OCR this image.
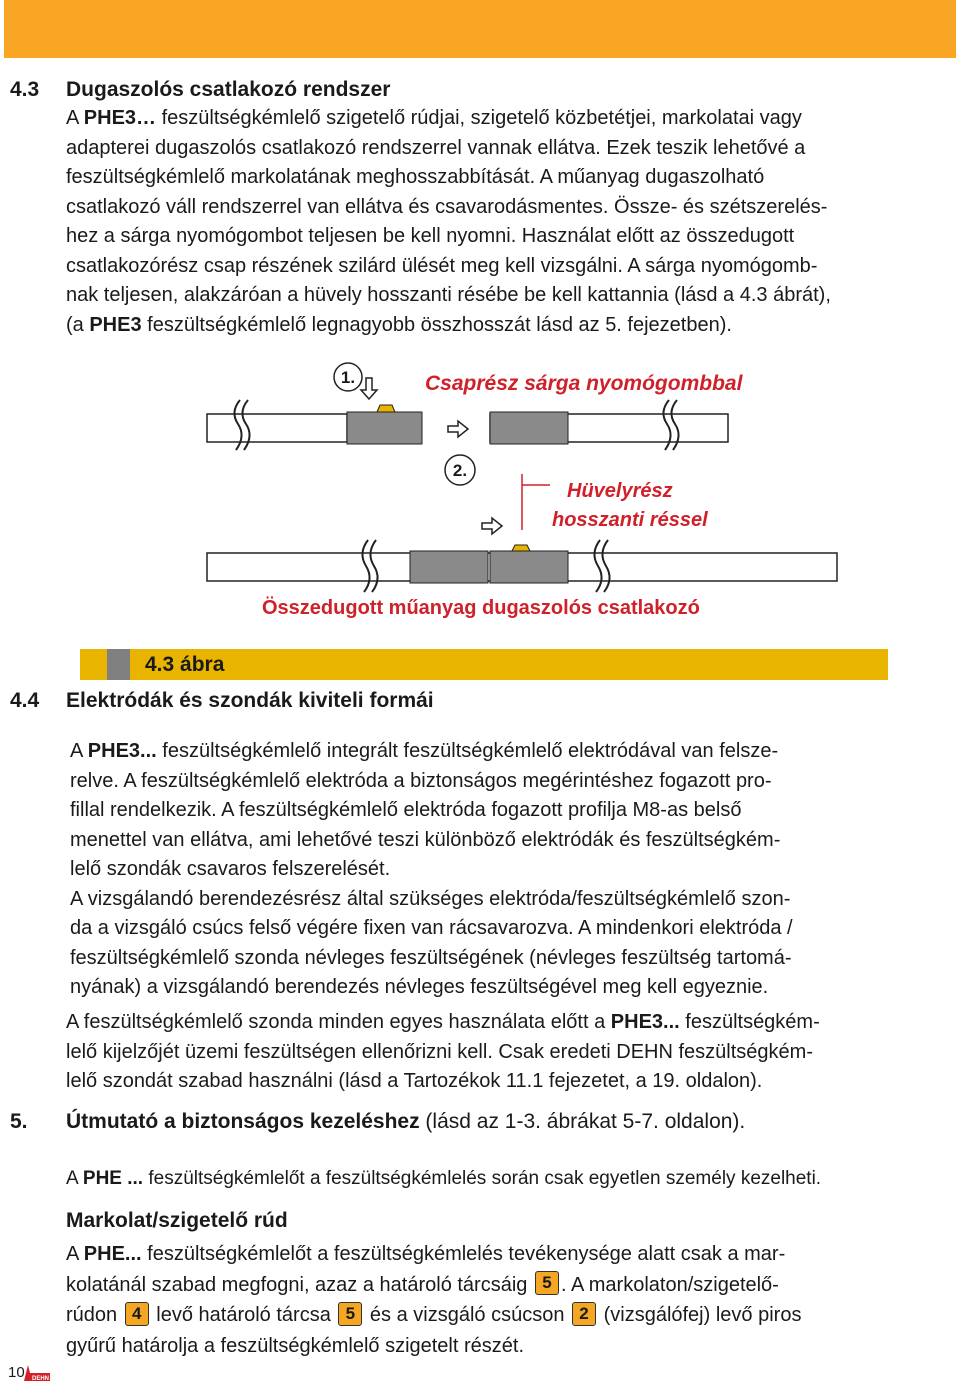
4.3 Dugaszolós csatlakozó rendszer
A PHE3… feszültségkémlelő szigetelő rúdjai, szigetelő közbetétjei, markolatai vagy
adapterei dugaszolós csatlakozó rendszerrel vannak ellátva. Ezek teszik lehetővé a
feszültségkémlelő markolatának meghosszabbítását. A műanyag dugaszolható
csatlakozó váll rendszerrel van ellátva és csavarodásmentes. Össze- és szétszerelés-
hez a sárga nyomógombot teljesen be kell nyomni. Használat előtt az összedugott
csatlakozórész csap részének szilárd ülését meg kell vizsgálni. A sárga nyomógomb-
nak teljesen, alakzáróan a hüvely hosszanti résébe be kell kattannia (lásd a 4.3 ábrát),
(a PHE3 feszültségkémlelő legnagyobb összhosszát lásd az 5. fejezetben).
1.
2.
Csaprész sárga nyomógombbal
Hüvelyrész
hosszanti réssel
Összedugott műanyag dugaszolós csatlakozó
4.3 ábra
4.4 Elektródák és szondák kiviteli formái
A PHE3... feszültségkémlelő integrált feszültségkémlelő elektródával van felsze-
relve. A feszültségkémlelő elektróda a biztonságos megérintéshez fogazott pro-
fillal rendelkezik. A feszültségkémlelő elektróda fogazott profilja M8-as belső
menettel van ellátva, ami lehetővé teszi különböző elektródák és feszültségkém-
lelő szondák csavaros felszerelését.
A vizsgálandó berendezésrész által szükséges elektróda/feszültségkémlelő szon-
da a vizsgáló csúcs felső végére fixen van rácsavarozva. A mindenkori elektróda /
feszültségkémlelő szonda névleges feszültségének (névleges feszültség tartomá-
nyának) a vizsgálandó berendezés névleges feszültségével meg kell egyeznie.
A feszültségkémlelő szonda minden egyes használata előtt a PHE3... feszültségkém-
lelő kijelzőjét üzemi feszültségen ellenőrizni kell. Csak eredeti DEHN feszültségkém-
lelő szondát szabad használni (lásd a Tartozékok 11.1 fejezetet, a 19. oldalon).
5. Útmutató a biztonságos kezeléshez (lásd az 1-3. ábrákat 5-7. oldalon).
A PHE ... feszültségkémlelőt a feszültségkémlelés során csak egyetlen személy kezelheti.
Markolat/szigetelő rúd
A PHE... feszültségkémlelőt a feszültségkémlelés tevékenysége alatt csak a mar-
kolatánál szabad megfogni, azaz a határoló tárcsáig 5 . A markolaton/szigetelő-
rúdon 4 levő határoló tárcsa 5 és a vizsgáló csúcson 2 (vizsgálófej) levő piros
gyűrű határolja a feszültségkémlelő szigetelt részét.
10 DEHN
